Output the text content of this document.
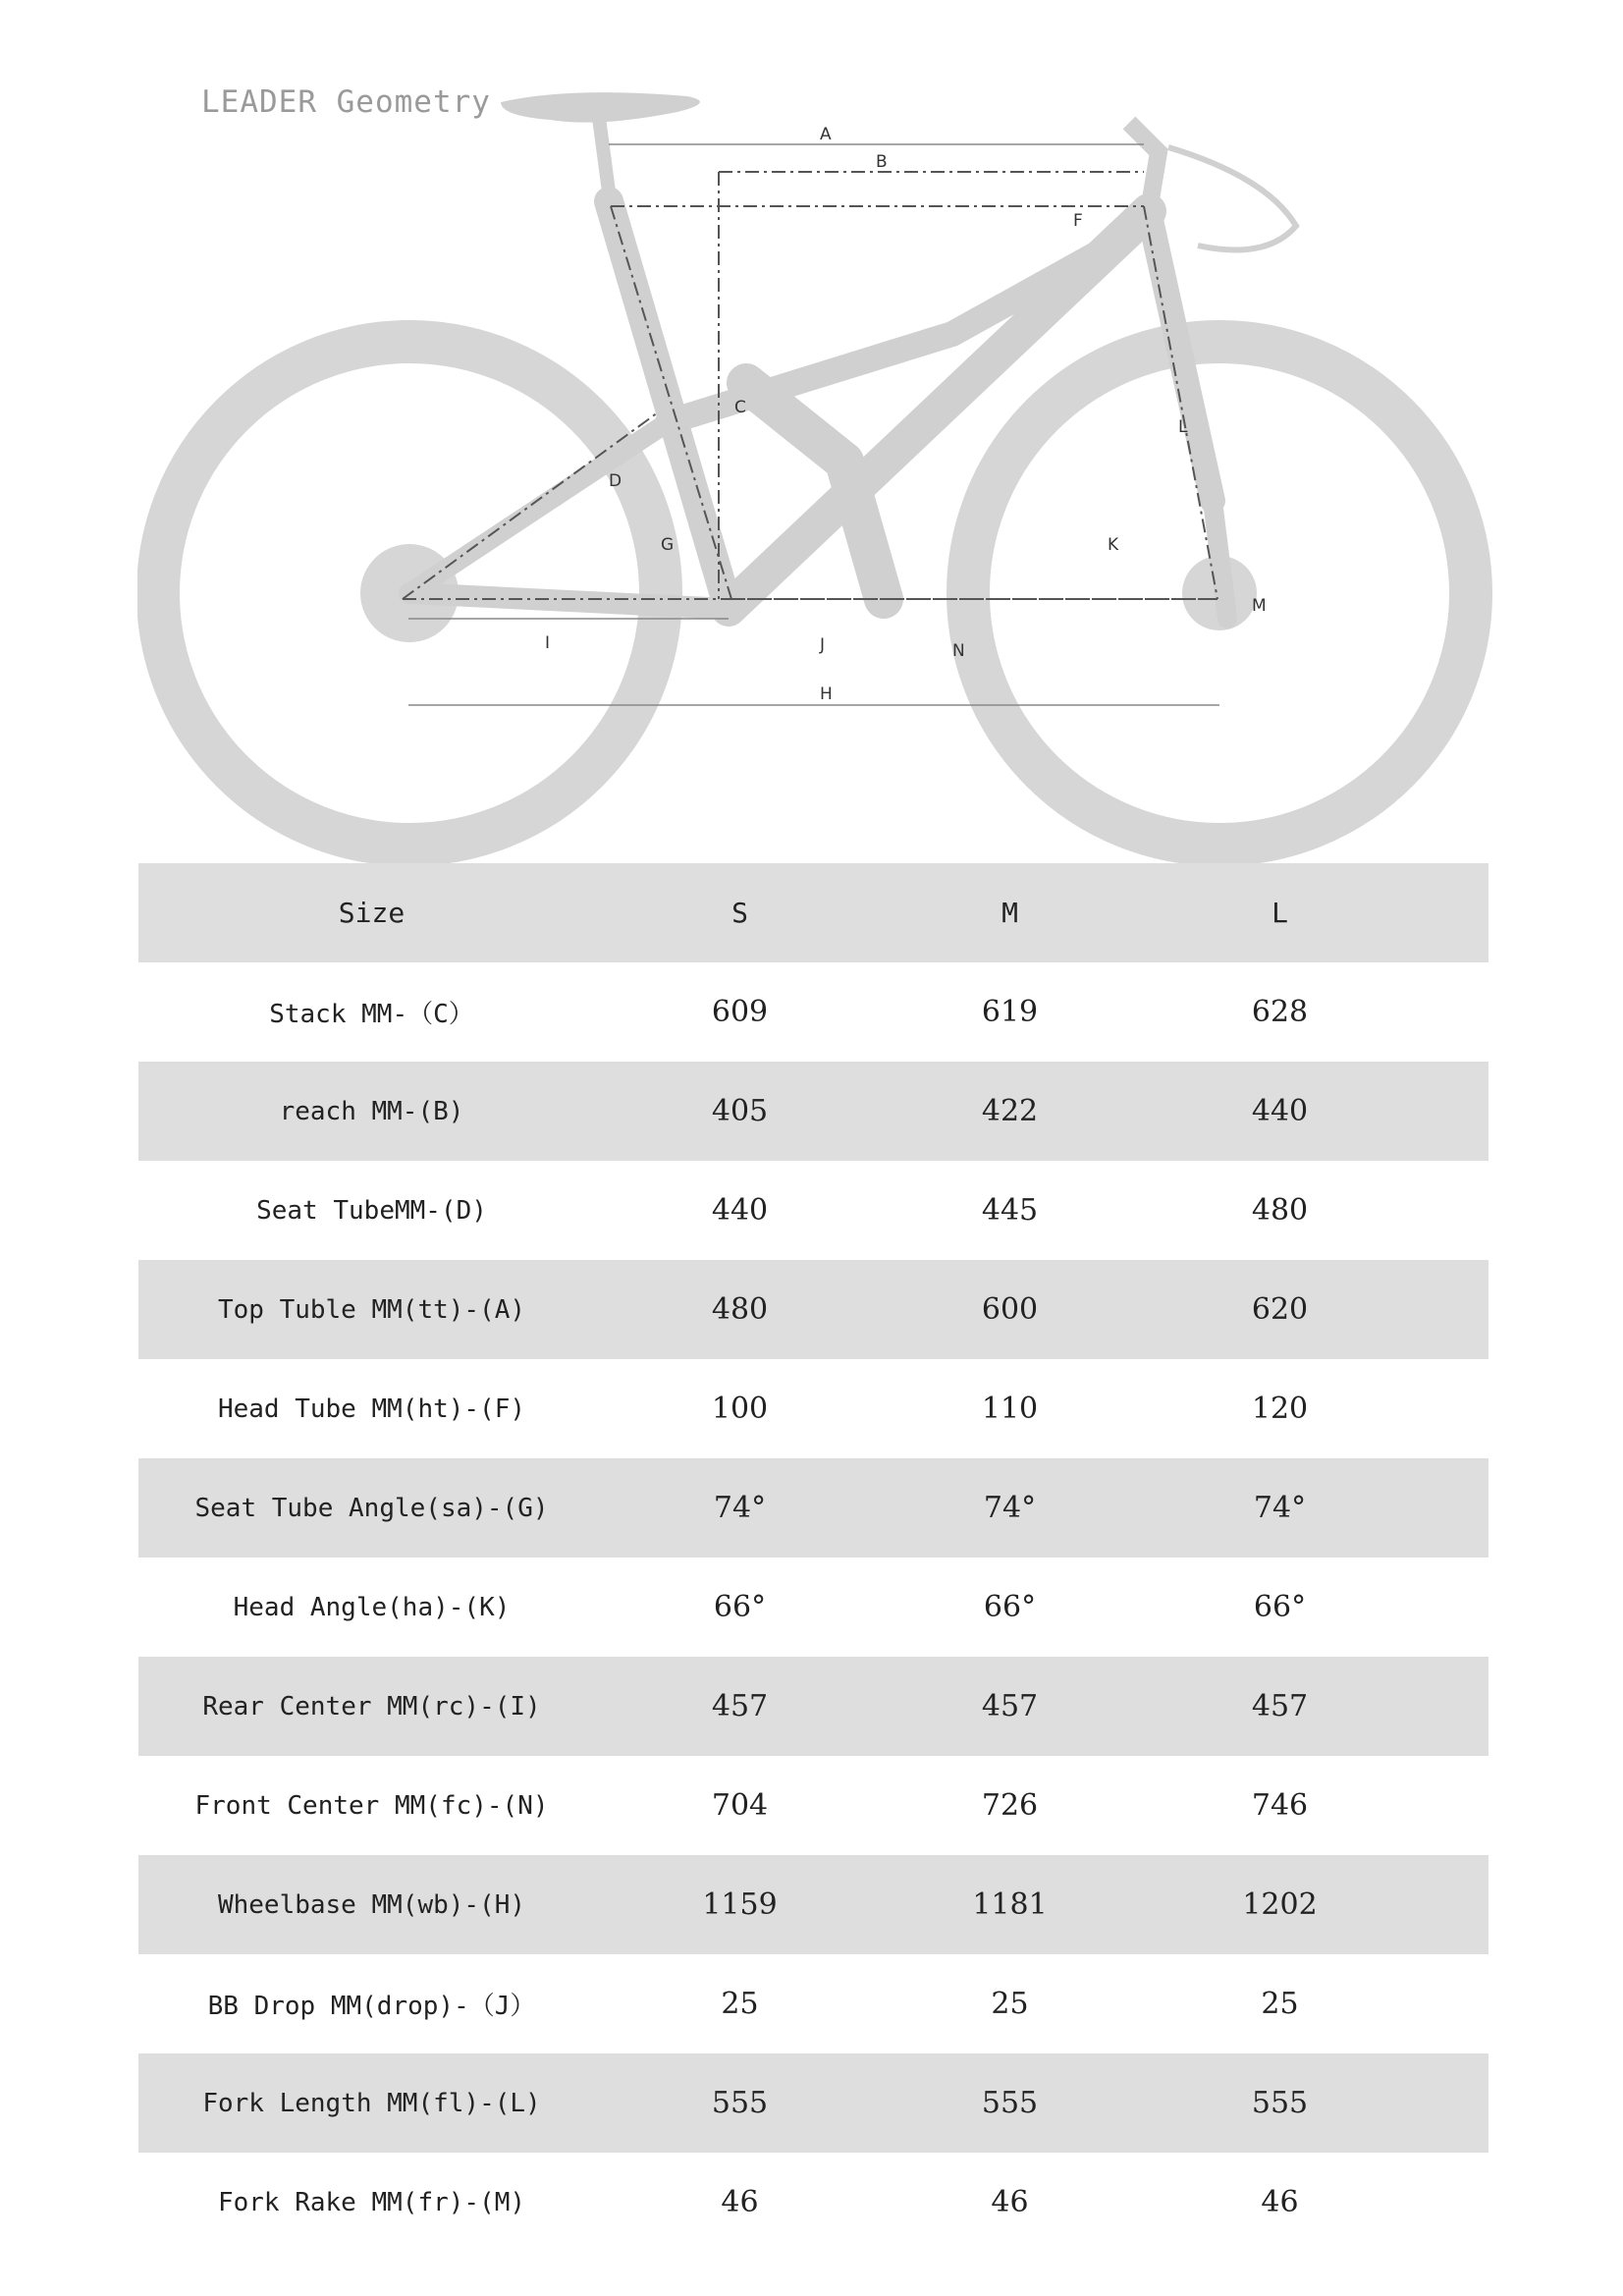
LEADER Geometry
A
B
C
D
F
G
H
I	J
K
L
M
N
Size	S	M	L
Stack MM-（C）	609	619	628
reach MM-(B)	405	422	440
Seat TubeMM-(D)	440	445	480
Top Tuble MM(tt)-(A)	480	600	620
Head Tube MM(ht)-(F)	100	110	120
Seat Tube Angle(sa)-(G)	74°	74°	74°
Head Angle(ha)-(K)	66°	66°	66°
Rear Center MM(rc)-(I)	457	457	457
Front Center MM(fc)-(N)	704	726	746
Wheelbase MM(wb)-(H)	1159	1181	1202
BB Drop MM(drop)-（J）	25	25	25
Fork Length MM(fl)-(L)	555	555	555
Fork Rake MM(fr)-(M)	46	46	46
